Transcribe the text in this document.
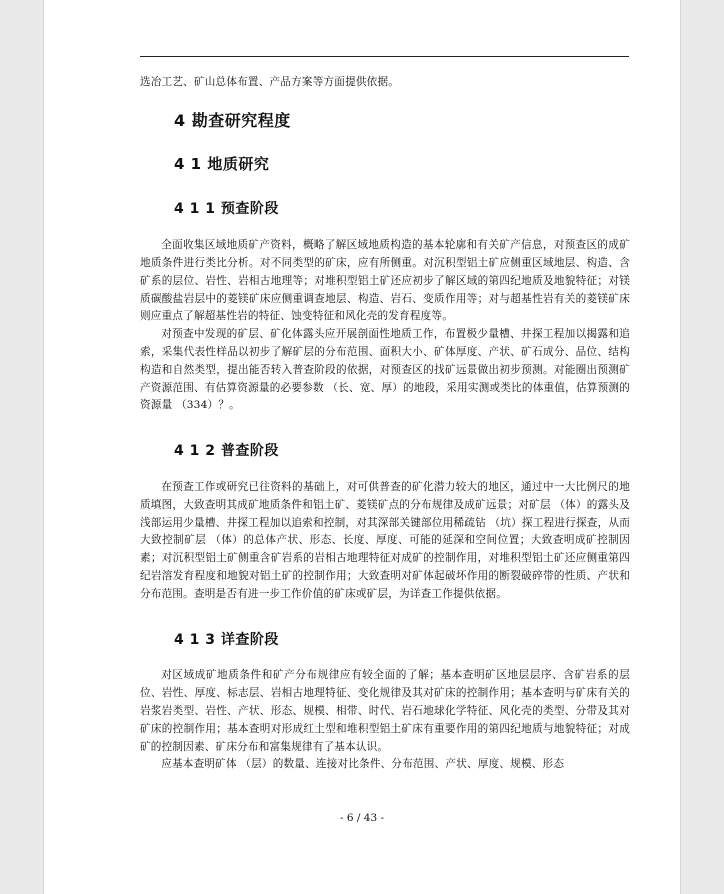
选冶工艺、矿山总体布置、产品方案等方面提供依据。

4 勘查研究程度
4 1 地质研究
4 1 1 预查阶段

全面收集区域地质矿产资料，概略了解区域地质构造的基本轮廓和有关矿产信息，对预查区的成矿地质条件进行类比分析。对不同类型的矿床，应有所侧重。对沉积型铝土矿应侧重区域地层、构造、含矿系的层位、岩性、岩相古地理等；对堆积型铝土矿还应初步了解区域的第四纪地质及地貌特征；对镁质碳酸盐岩层中的菱镁矿床应侧重调查地层、构造、岩石、变质作用等；对与超基性岩有关的菱镁矿床则应重点了解超基性岩的特征、蚀变特征和风化壳的发育程度等。

对预查中发现的矿层、矿化体露头应开展剖面性地质工作，布置极少量槽、井探工程加以揭露和追索，采集代表性样品以初步了解矿层的分布范围、面积大小、矿体厚度、产状、矿石成分、品位、结构构造和自然类型，提出能否转入普查阶段的依据，对预查区的找矿远景做出初步预测。对能圈出预测矿产资源范围、有估算资源量的必要参数 （长、宽、厚）的地段，采用实测或类比的体重值，估算预测的资源量 （334）？。

4 1 2 普查阶段

在预查工作或研究已往资料的基础上，对可供普查的矿化潜力较大的地区，通过中一大比例尺的地质填图，大致查明其成矿地质条件和铝土矿、菱镁矿点的分布规律及成矿远景；对矿层 （体）的露头及浅部运用少量槽、井探工程加以追索和控制，对其深部关键部位用稀疏钻 （坑）探工程进行探查，从而大致控制矿层 （体）的总体产状、形态、长度、厚度、可能的延深和空间位置；大致查明成矿控制因素；对沉积型铝土矿侧重含矿岩系的岩相古地理特征对成矿的控制作用，对堆积型铝土矿还应侧重第四纪岩溶发育程度和地貌对铝土矿的控制作用；大致查明对矿体起破坏作用的断裂破碎带的性质、产状和分布范围。查明是否有进一步工作价值的矿床或矿层，为详查工作提供依据。

4 1 3 详查阶段

对区域成矿地质条件和矿产分布规律应有较全面的了解；基本查明矿区地层层序、含矿岩系的层位、岩性、厚度、标志层、岩相古地理特征、变化规律及其对矿床的控制作用；基本查明与矿床有关的岩浆岩类型、岩性、产状、形态、规模、相带、时代、岩石地球化学特征、风化壳的类型、分带及其对矿床的控制作用；基本查明对形成红土型和堆积型铝土矿床有重要作用的第四纪地质与地貌特征；对成矿的控制因素、矿床分布和富集规律有了基本认识。

应基本查明矿体 （层）的数量、连接对比条件、分布范围、产状、厚度、规模、形态

- 6 / 43 -
